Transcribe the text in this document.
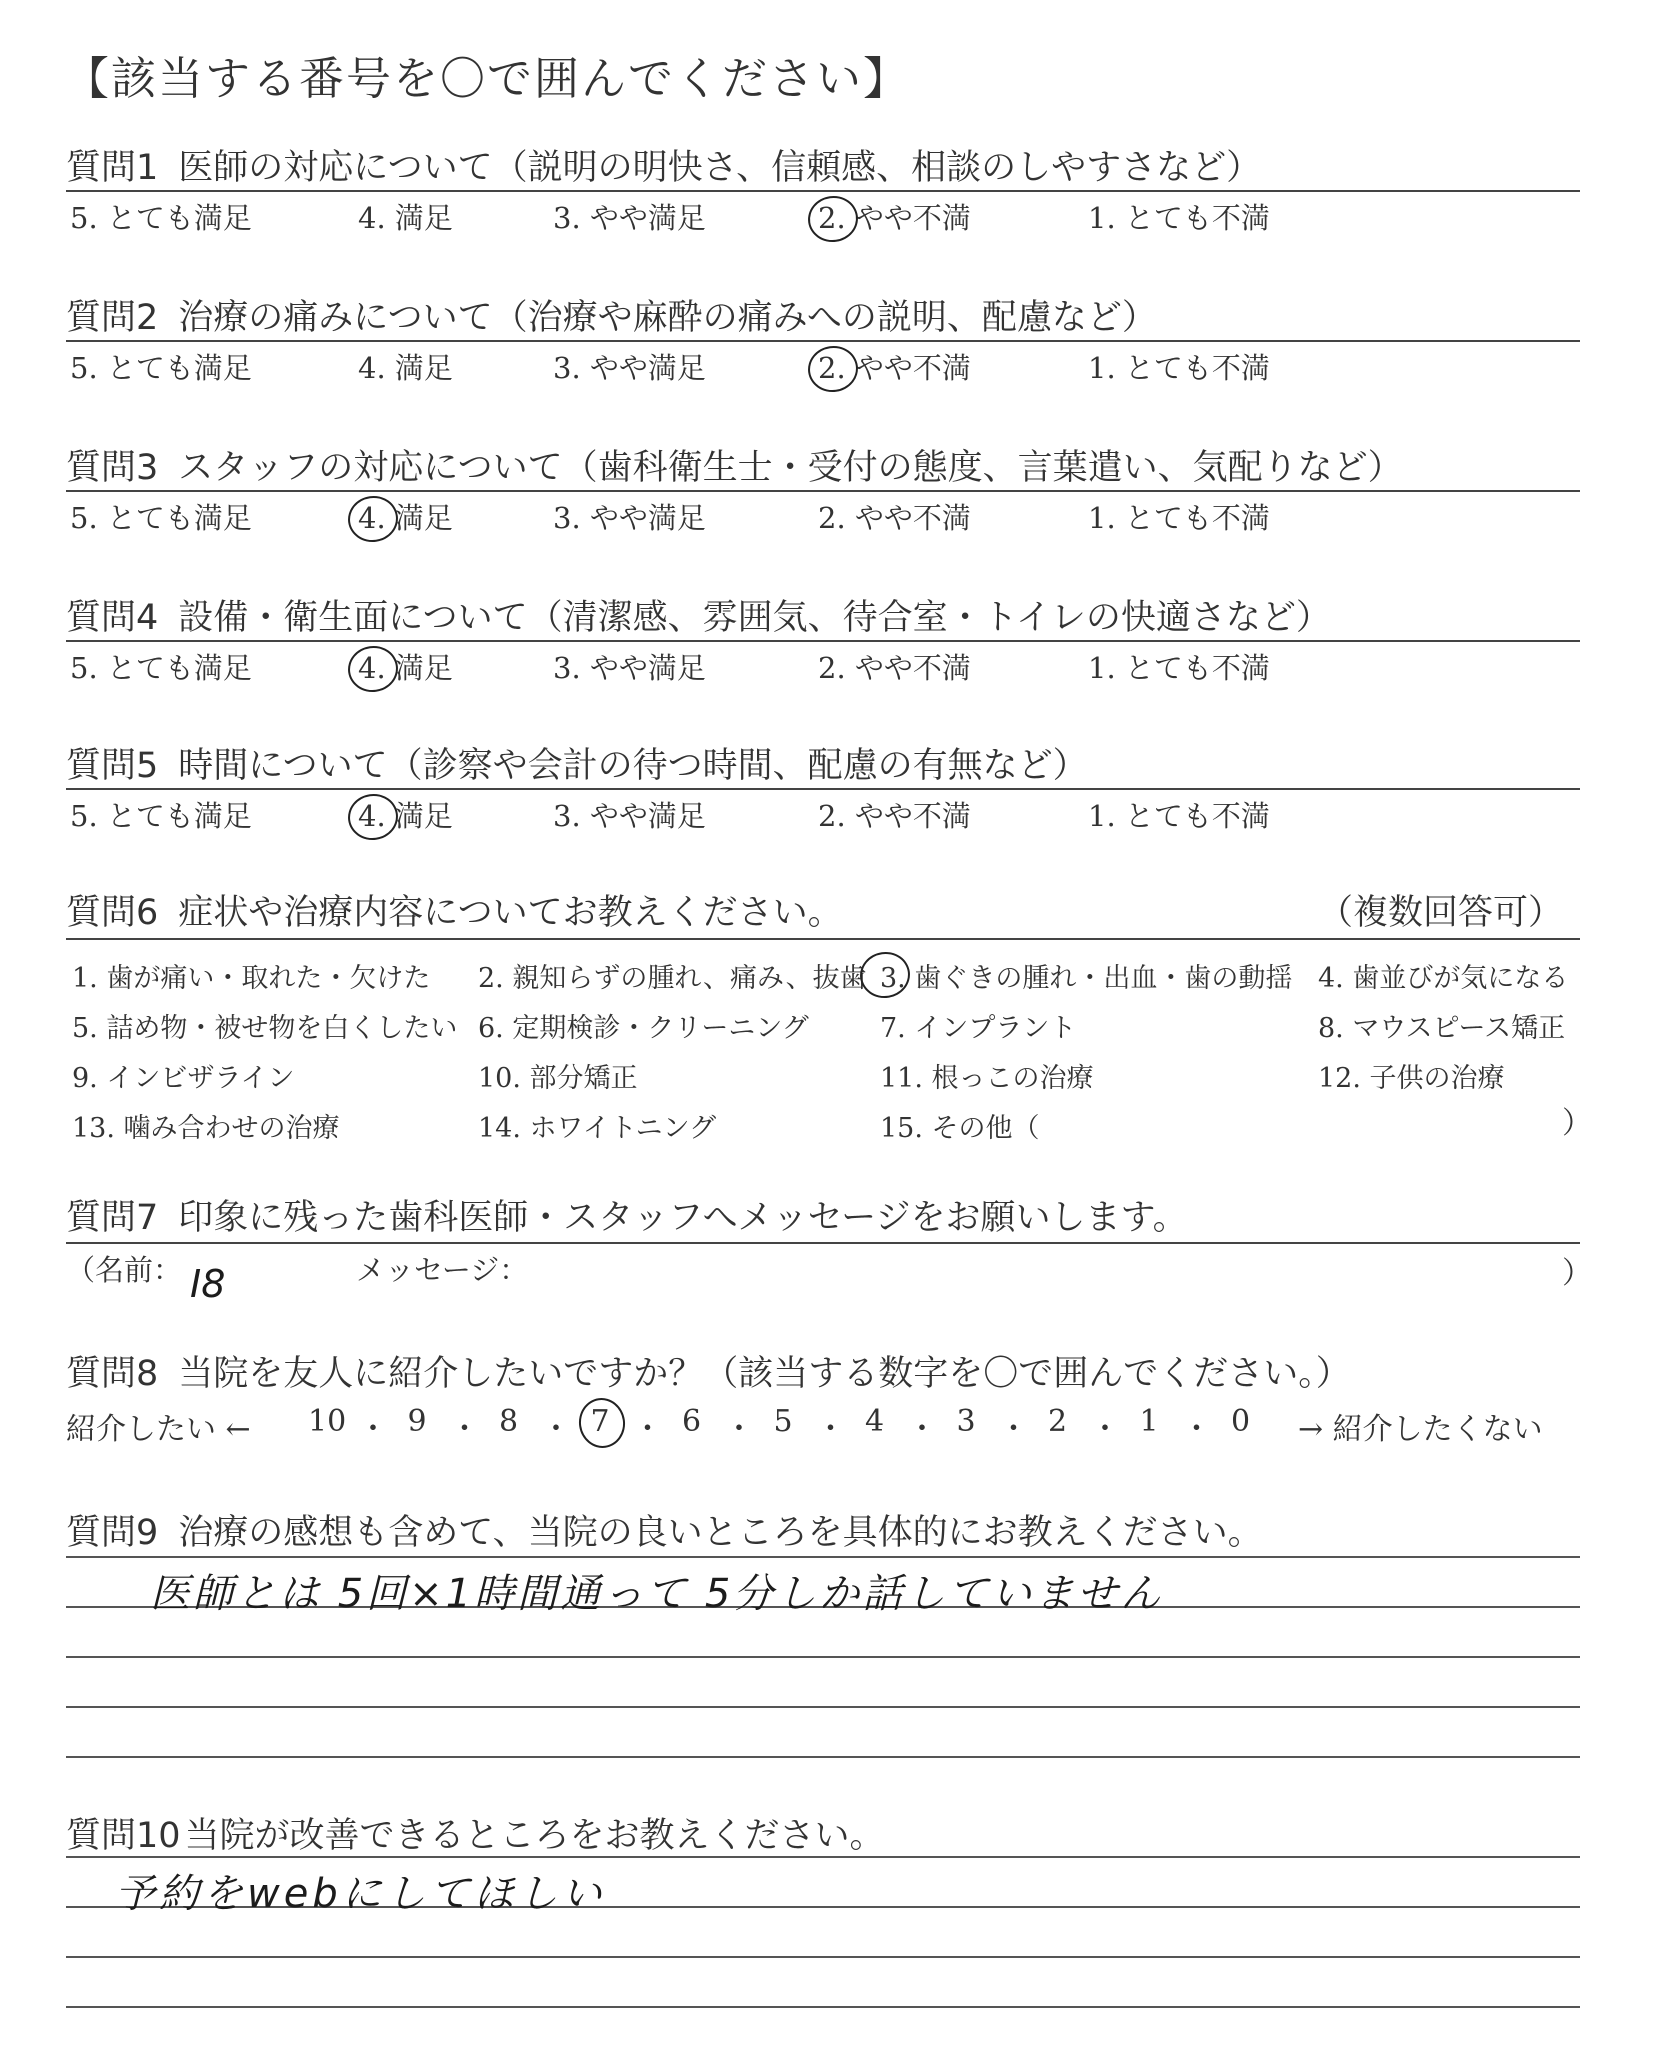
【該当する番号を〇で囲んでください】
質問1 医師の対応について（説明の明快さ、信頼感、相談のしやすさなど）
5. とても満足	4. 満足	3. やや満足	2. やや不満	1. とても不満
質問2 治療の痛みについて（治療や麻酔の痛みへの説明、配慮など）
5. とても満足	4. 満足	3. やや満足	2. やや不満	1. とても不満
質問3 スタッフの対応について（歯科衛生士・受付の態度、言葉遣い、気配りなど）
5. とても満足	4. 満足	3. やや満足	2. やや不満	1. とても不満
質問4 設備・衛生面について（清潔感、雰囲気、待合室・トイレの快適さなど）
5. とても満足	4. 満足	3. やや満足	2. やや不満	1. とても不満
質問5 時間について（診察や会計の待つ時間、配慮の有無など）
5. とても満足	4. 満足	3. やや満足	2. やや不満	1. とても不満
質問6 症状や治療内容についてお教えください。	（複数回答可）
1. 歯が痛い・取れた・欠けた 2. 親知らずの腫れ、痛み、抜歯 3. 歯ぐきの腫れ・出血・歯の動揺 4. 歯並びが気になる
5. 詰め物・被せ物を白くしたい 6. 定期検診・クリーニング	7. インプラント	8. マウスピース矯正
9. インビザライン	10. 部分矯正	11. 根っこの治療	12. 子供の治療
13. 噛み合わせの治療	14. ホワイトニング	15. その他（	）
質問7 印象に残った歯科医師・スタッフへメッセージをお願いします。
（名前：	メッセージ：	）
I8
質問8 当院を友人に紹介したいですか？（該当する数字を〇で囲んでください。）
紹介したい ← 10 ・ 9 ・ 8 ・ 7 ・ 6 ・ 5 ・ 4 ・ 3 ・ 2 ・ 1 ・ 0 → 紹介したくない
質問9 治療の感想も含めて、当院の良いところを具体的にお教えください。
医師とは 5回×1時間通って 5分しか話していません
質問10 当院が改善できるところをお教えください。
予約をwebにしてほしい
